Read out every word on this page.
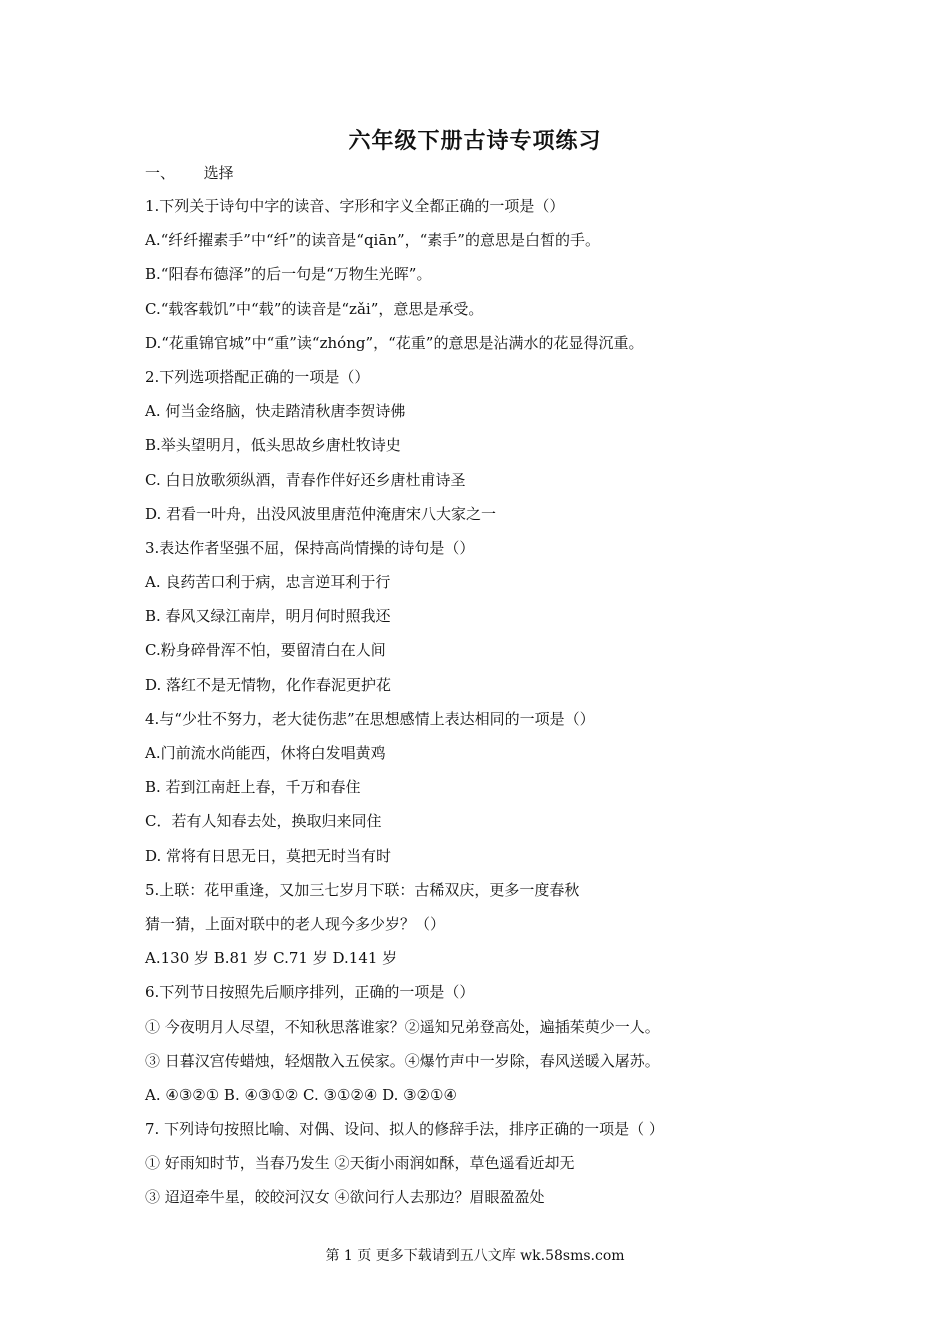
六年级下册古诗专项练习
一、      选择
1.下列关于诗句中字的读音、字形和字义全都正确的一项是（）
A.“纤纤擢素手”中“纤”的读音是“qiān”，“素手”的意思是白皙的手。
B.“阳春布德泽”的后一句是“万物生光晖”。
C.“载客载饥”中“载”的读音是“zǎi”，意思是承受。
D.“花重锦官城”中“重”读“zhóng”，“花重”的意思是沾满水的花显得沉重。
2.下列选项搭配正确的一项是（）
A. 何当金络脑，快走踏清秋唐李贺诗佛
B.举头望明月，低头思故乡唐杜牧诗史
C. 白日放歌须纵酒，青春作伴好还乡唐杜甫诗圣
D. 君看一叶舟，出没风波里唐范仲淹唐宋八大家之一
3.表达作者坚强不屈，保持高尚情操的诗句是（）
A. 良药苦口利于病，忠言逆耳利于行
B. 春风又绿江南岸，明月何时照我还
C.粉身碎骨浑不怕，要留清白在人间
D. 落红不是无情物，化作春泥更护花
4.与“少壮不努力，老大徒伤悲”在思想感情上表达相同的一项是（）
A.门前流水尚能西，休将白发唱黄鸡
B. 若到江南赶上春，千万和春住
C．若有人知春去处，换取归来同住
D. 常将有日思无日，莫把无时当有时
5.上联：花甲重逢，又加三七岁月下联：古稀双庆，更多一度春秋
猜一猜，上面对联中的老人现今多少岁？（）
A.130 岁 B.81 岁 C.71 岁 D.141 岁
6.下列节日按照先后顺序排列，正确的一项是（）
① 今夜明月人尽望，不知秋思落谁家？②遥知兄弟登高处，遍插茱萸少一人。
③ 日暮汉宫传蜡烛，轻烟散入五侯家。④爆竹声中一岁除，春风送暖入屠苏。
A. ④③②① B. ④③①② C. ③①②④ D. ③②①④
7. 下列诗句按照比喻、对偶、设问、拟人的修辞手法，排序正确的一项是（ ）
① 好雨知时节，当春乃发生 ②天街小雨润如酥，草色遥看近却无
③ 迢迢牵牛星，皎皎河汉女 ④欲问行人去那边？眉眼盈盈处
第 1 页 更多下载请到五八文库 wk.58sms.com
